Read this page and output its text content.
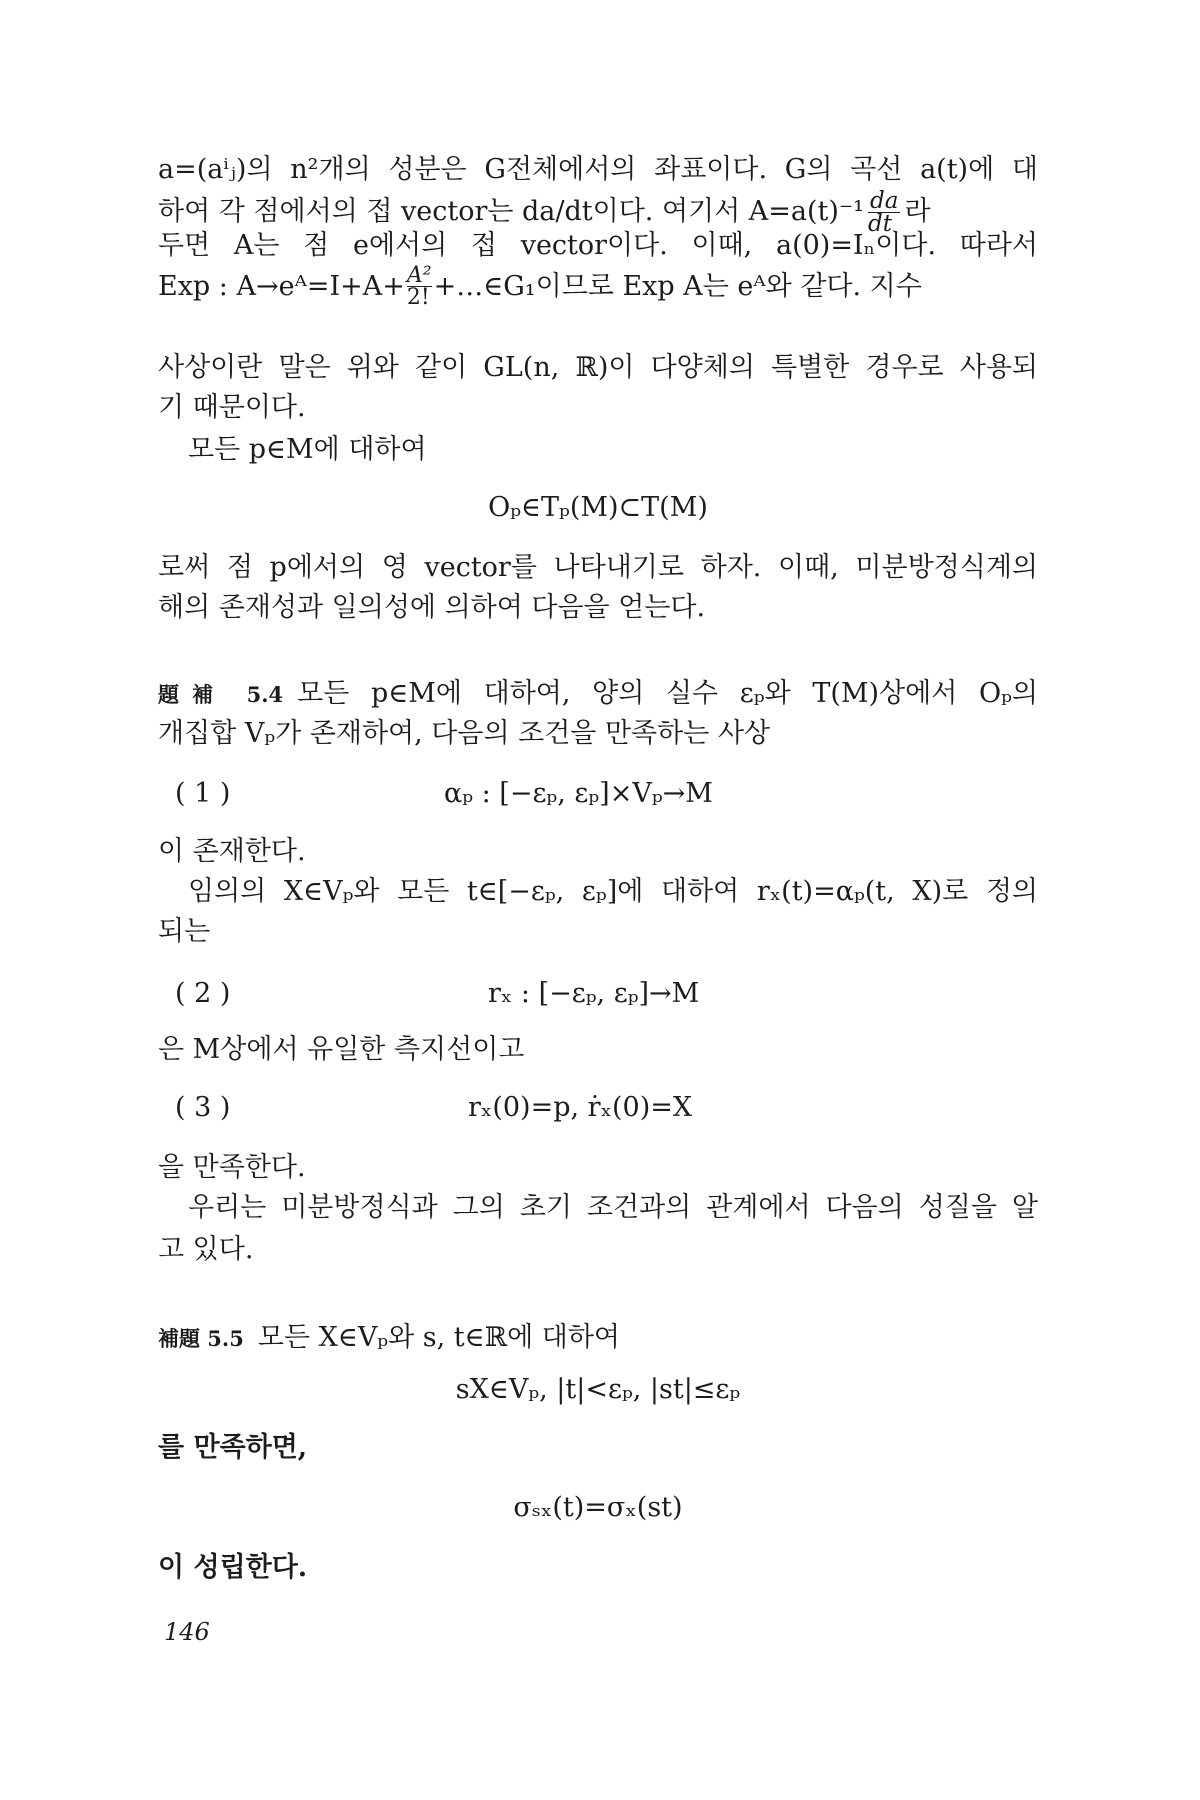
a=(aⁱⱼ)의 n²개의 성분은 G전체에서의 좌표이다. G의 곡선 a(t)에 대
하여 각 점에서의 접 vector는 da/dt이다. 여기서 $A=a(t)^{-1} \frac{da}{dt}$ 라
두면 A는 점 e에서의 접 vector이다. 이때, a(0)=Iₙ이다. 따라서
Exp : A→eᴬ=I+A+ $\frac{\text{A²}}{2!}$ +…∈G₁이므로 Exp A는 eᴬ와 같다. 지수
사상이란 말은 위와 같이 GL(n, ℝ)이 다양체의 특별한 경우로 사용되
기 때문이다.
모든 p∈M에 대하여
Oₚ∈Tₚ(M)⊂T(M)
로써 점 p에서의 영 vector를 나타내기로 하자. 이때, 미분방정식계의
해의 존재성과 일의성에 의하여 다음을 얻는다.
題補 5.4 모든 p∈M에 대하여, 양의 실수 εₚ와 T(M)상에서 Oₚ의
개집합 Vₚ가 존재하여, 다음의 조건을 만족하는 사상
( 1 )	αₚ : [−εₚ, εₚ]×Vₚ→M
이 존재한다.
임의의 X∈Vₚ와 모든 t∈[−εₚ, εₚ]에 대하여 rₓ(t)=αₚ(t, X)로 정의
되는
( 2 )	rₓ : [−εₚ, εₚ]→M
은 M상에서 유일한 측지선이고
( 3 )	rₓ(0)=p, ṙₓ(0)=X
을 만족한다.
우리는 미분방정식과 그의 초기 조건과의 관계에서 다음의 성질을 알
고 있다.
補題 5.5 모든 X∈Vₚ와 s, t∈ℝ에 대하여
sX∈Vₚ, |t|<εₚ, |st|≤εₚ
를 만족하면,
σₛₓ(t)=σₓ(st)
이 성립한다.
146
